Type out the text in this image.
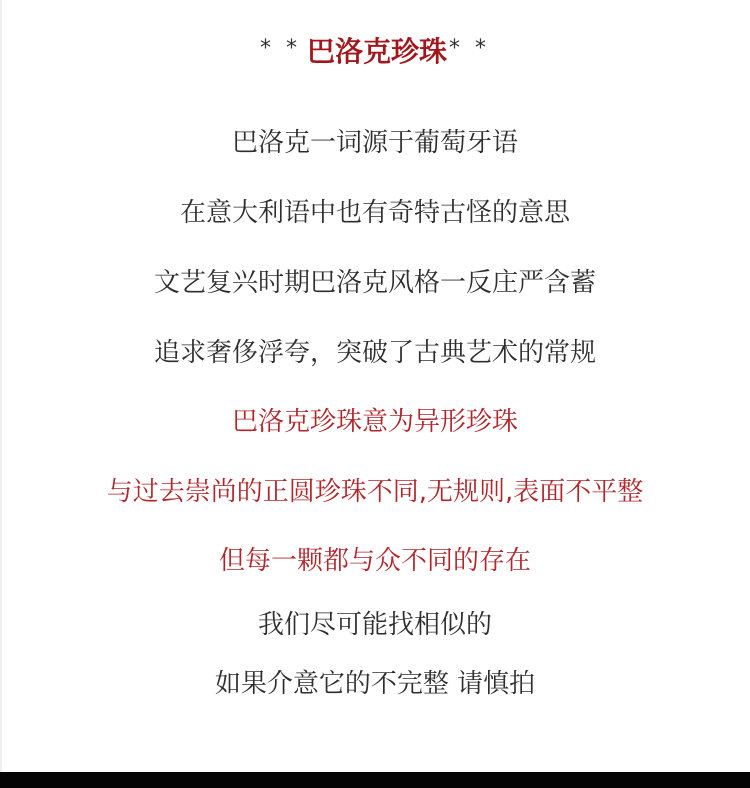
* * 巴洛克珍珠* *
巴洛克一词源于葡萄牙语
在意大利语中也有奇特古怪的意思
文艺复兴时期巴洛克风格一反庄严含蓄
追求奢侈浮夸，突破了古典艺术的常规
巴洛克珍珠意为异形珍珠
与过去崇尚的正圆珍珠不同,无规则,表面不平整
但每一颗都与众不同的存在
我们尽可能找相似的
如果介意它的不完整 请慎拍
